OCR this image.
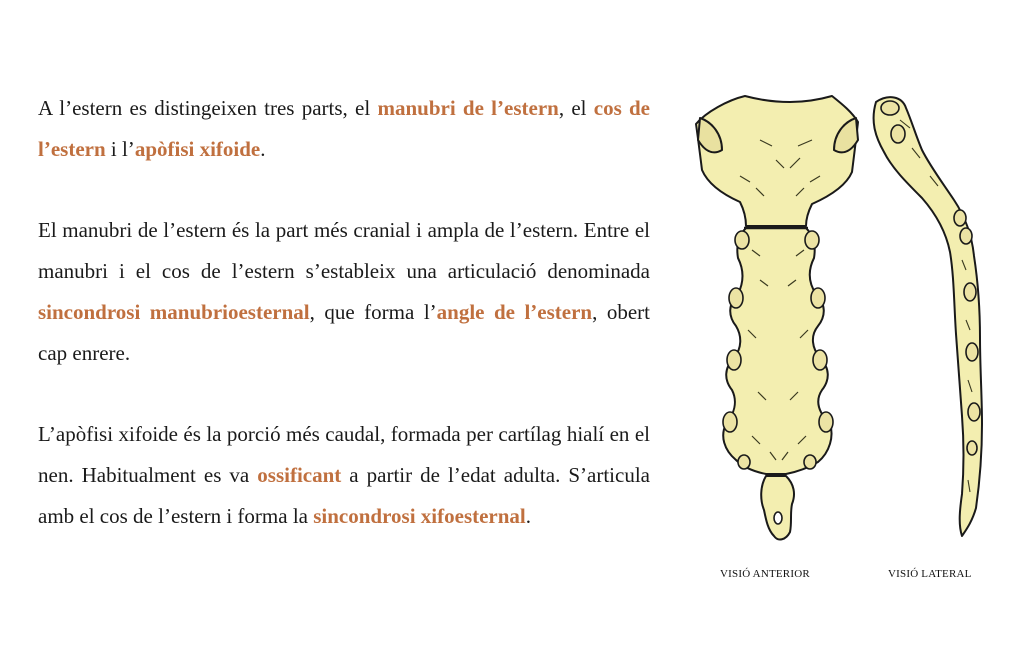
A l’estern es distingeixen tres parts, el manubri de l’estern, el cos de l’estern i l’apòfisi xifoide.

El manubri de l’estern és la part més cranial i ampla de l’estern. Entre el manubri i el cos de l’estern s’estableix una articulació denominada sincondrosi manubrioesternal, que forma l’angle de l’estern, obert cap enrere.

L’apòfisi xifoide és la porció més caudal, formada per cartílag hialí en el nen. Habitualment es va ossificant a partir de l’edat adulta. S’articula amb el cos de l’estern i forma la sincondrosi xifoesternal.

VISIÓ ANTERIOR	VISIÓ LATERAL
